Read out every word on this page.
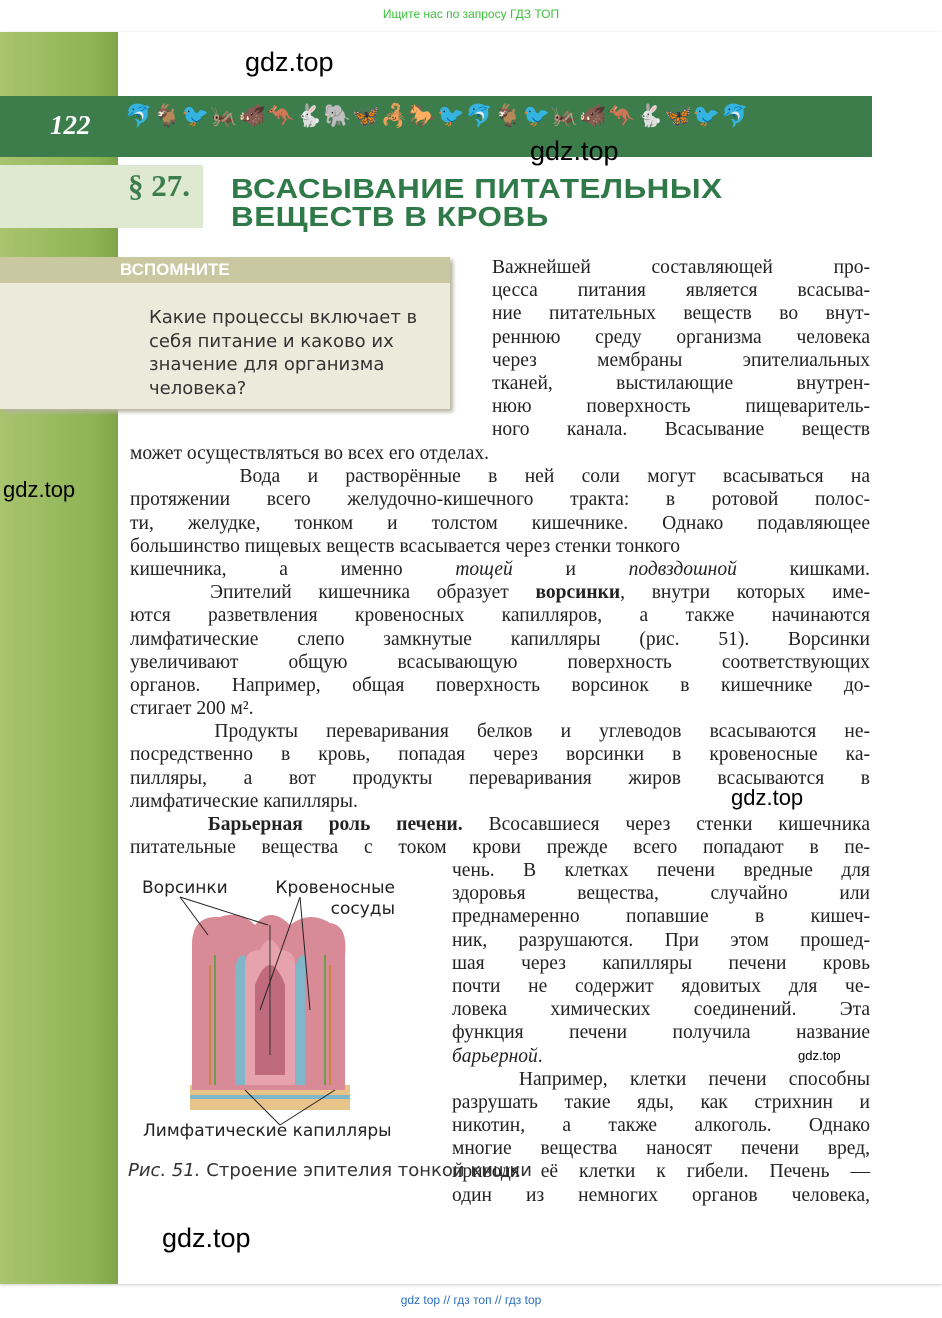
Ищите нас по запросу ГДЗ ТОП
122 🐬🐐🐦🦗🐗🦘🐇🐘🦋🦂🐎🐦🐬🐐🐦🦗🐗🦘🐇🦋🐦🐬
§ 27. ВСАСЫВАНИЕ ПИТАТЕЛЬНЫХ
ВЕЩЕСТВ В КРОВЬ
ВСПОМНИТЕ
Какие процессы включает в себя питание и каково их значение для организма человека?
Важнейшей составляющей про-
цесса питания является всасыва-
ние питательных веществ во внут-
реннюю среду организма человека
через мембраны эпителиальных
тканей, выстилающие внутрен-
нюю поверхность пищеваритель-
ного канала. Всасывание веществ
может осуществляться во всех его отделах.
Вода и растворённые в ней соли могут всасываться на
протяжении всего желудочно-кишечного тракта: в ротовой полос-
ти, желудке, тонком и толстом кишечнике. Однако подавляющее
большинство пищевых веществ всасывается через стенки тонкого
кишечника, а именно тощей и подвздошной кишками.
Эпителий кишечника образует ворсинки, внутри которых име-
ются разветвления кровеносных капилляров, а также начинаются
лимфатические слепо замкнутые капилляры (рис. 51). Ворсинки
увеличивают общую всасывающую поверхность соответствующих
органов. Например, общая поверхность ворсинок в кишечнике до-
стигает 200 м².
Продукты переваривания белков и углеводов всасываются не-
посредственно в кровь, попадая через ворсинки в кровеносные ка-
пилляры, а вот продукты переваривания жиров всасываются в
лимфатические капилляры.
Барьерная роль печени. Всосавшиеся через стенки кишечника
питательные вещества с током крови прежде всего попадают в пе-
чень. В клетках печени вредные для
здоровья вещества, случайно или
преднамеренно попавшие в кишеч-
ник, разрушаются. При этом прошед-
шая через капилляры печени кровь
почти не содержит ядовитых для че-
ловека химических соединений. Эта
функция печени получила название
барьерной.
Например, клетки печени способны
разрушать такие яды, как стрихнин и
никотин, а также алкоголь. Однако
многие вещества наносят печени вред,
приводя её клетки к гибели. Печень —
один из немногих органов человека,
Ворсинки	Кровеносные сосуды
Лимфатические капилляры
Рис. 51. Строение эпителия тонкой кишки
gdz.top
gdz.top
gdz.top
gdz.top
gdz.top
gdz.top
gdz top // гдз топ // гдз top
